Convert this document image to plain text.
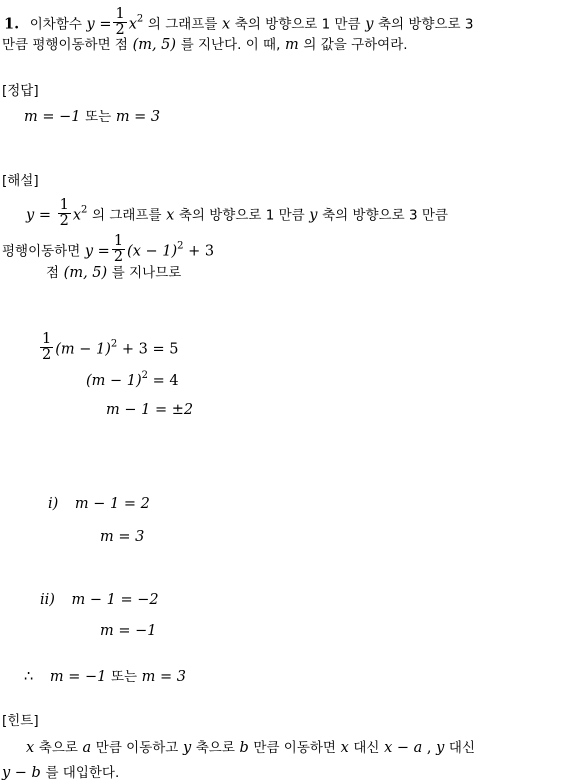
1. 이차함수 $y = \frac{1}{2} x^2$ 의 그래프를 x 축의 방향으로 1 만큼 y 축의 방향으로 3
만큼 평행이동하면 점 (m, 5) 를 지난다. 이 때, m 의 값을 구하여라.
[정답]
m = −1 또는 m = 3
[해설]
$y = \frac{1}{2} x^2$ 의 그래프를 x 축의 방향으로 1 만큼 y 축의 방향으로 3 만큼
평행이동하면 $y = \frac{1}{2} (x - 1)^2 + 3$
점 (m, 5) 를 지나므로
$\frac{1}{2} (m - 1)^2 + 3 = 5$
$(m - 1)^2 = 4$
m − 1 = ±2
i) m − 1 = 2
m = 3
ii) m − 1 = −2
m = −1
∴ m = −1 또는 m = 3
[힌트]
x 축으로 a 만큼 이동하고 y 축으로 b 만큼 이동하면 x 대신 x − a , y 대신
y − b 를 대입한다.
